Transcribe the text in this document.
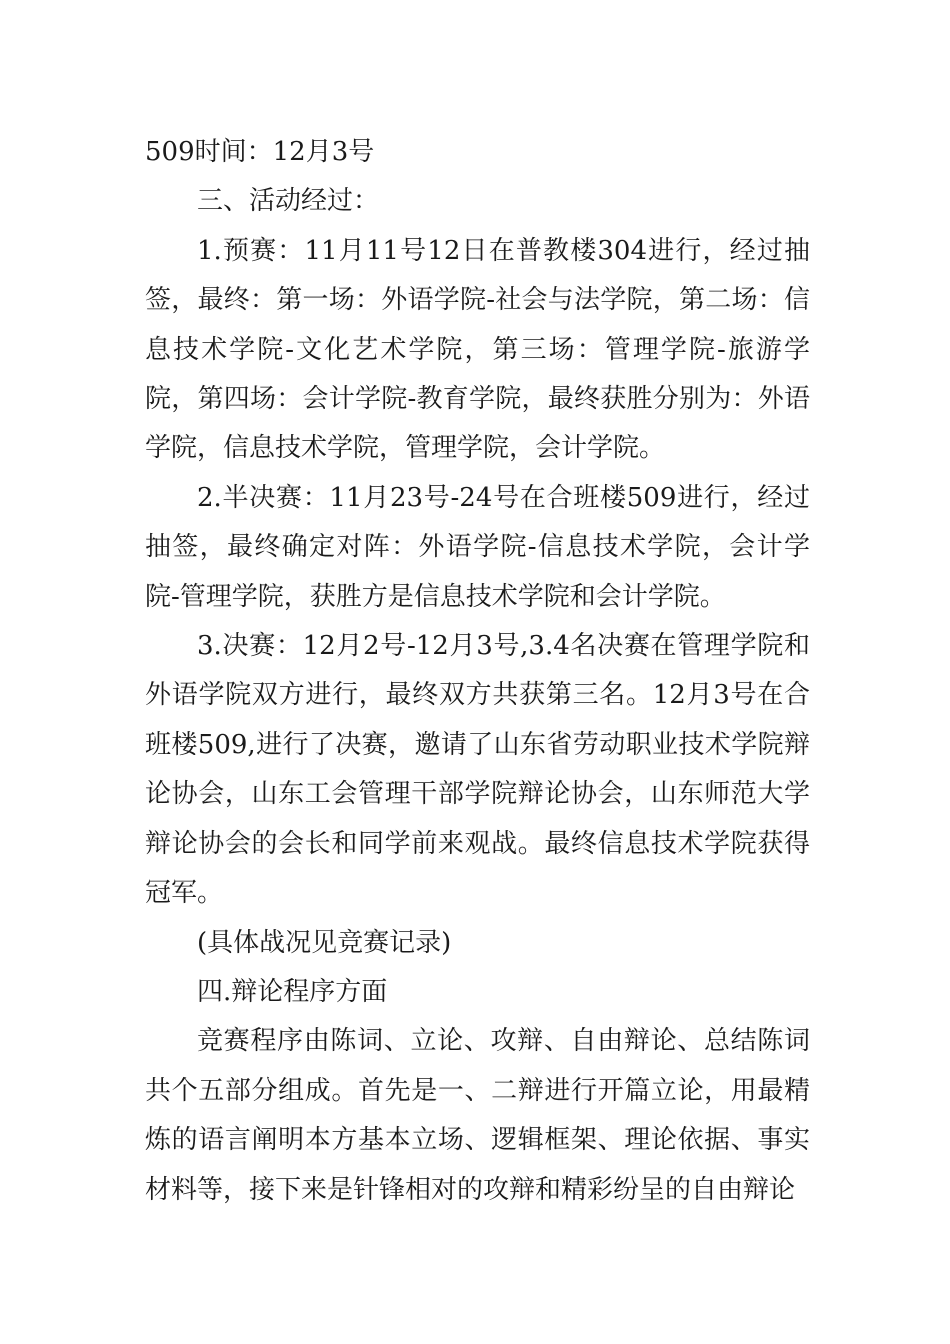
509时间：12月3号

三、活动经过：

1.预赛：11月11号12日在普教楼304进行，经过抽签，最终：第一场：外语学院-社会与法学院，第二场：信息技术学院-文化艺术学院，第三场：管理学院-旅游学院，第四场：会计学院-教育学院，最终获胜分别为：外语学院，信息技术学院，管理学院，会计学院。

2.半决赛：11月23号-24号在合班楼509进行，经过抽签，最终确定对阵：外语学院-信息技术学院，会计学院-管理学院，获胜方是信息技术学院和会计学院。

3.决赛：12月2号-12月3号,3.4名决赛在管理学院和外语学院双方进行，最终双方共获第三名。12月3号在合班楼509,进行了决赛，邀请了山东省劳动职业技术学院辩论协会，山东工会管理干部学院辩论协会，山东师范大学辩论协会的会长和同学前来观战。最终信息技术学院获得冠军。

(具体战况见竞赛记录)

四.辩论程序方面

竞赛程序由陈词、立论、攻辩、自由辩论、总结陈词共个五部分组成。首先是一、二辩进行开篇立论，用最精炼的语言阐明本方基本立场、逻辑框架、理论依据、事实材料等，接下来是针锋相对的攻辩和精彩纷呈的自由辩论
